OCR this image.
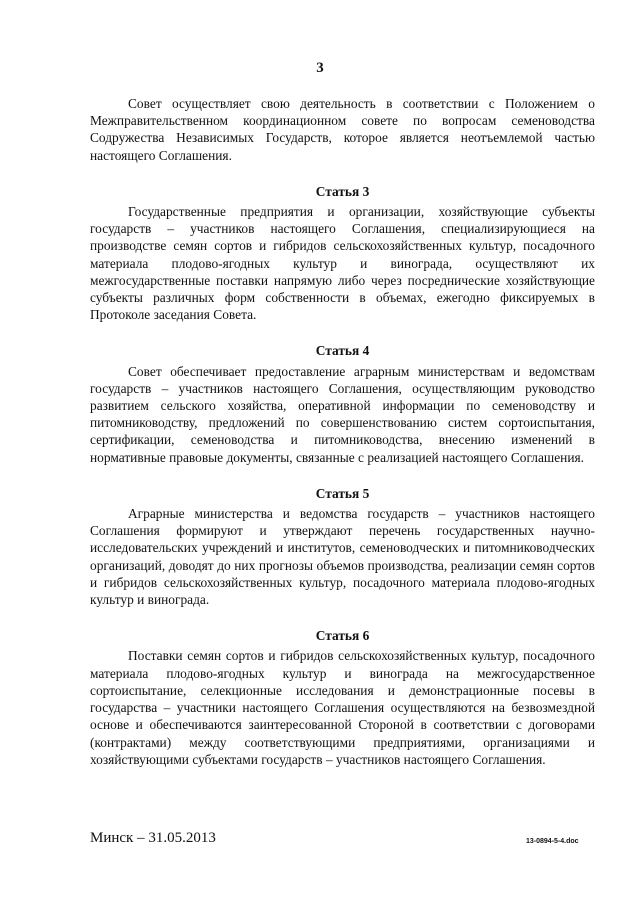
3

Совет осуществляет свою деятельность в соответствии с Положением о Межправительственном координационном совете по вопросам семеноводства Содружества Независимых Государств, которое является неотъемлемой частью настоящего Соглашения.

Статья 3

Государственные предприятия и организации, хозяйствующие субъекты государств – участников настоящего Соглашения, специализирующиеся на производстве семян сортов и гибридов сельскохозяйственных культур, посадочного материала плодово-ягодных культур и винограда, осуществляют их межгосударственные поставки напрямую либо через посреднические хозяйствующие субъекты различных форм собственности в объемах, ежегодно фиксируемых в Протоколе заседания Совета.

Статья 4

Совет обеспечивает предоставление аграрным министерствам и ведомствам государств – участников настоящего Соглашения, осуществляющим руководство развитием сельского хозяйства, оперативной информации по семеноводству и питомниководству, предложений по совершенствованию систем сортоиспытания, сертификации, семеноводства и питомниководства, внесению изменений в нормативные правовые документы, связанные с реализацией настоящего Соглашения.

Статья 5

Аграрные министерства и ведомства государств – участников настоящего Соглашения формируют и утверждают перечень государственных научно-исследовательских учреждений и институтов, семеноводческих и питомниководческих организаций, доводят до них прогнозы объемов производства, реализации семян сортов и гибридов сельскохозяйственных культур, посадочного материала плодово-ягодных культур и винограда.

Статья 6

Поставки семян сортов и гибридов сельскохозяйственных культур, посадочного материала плодово-ягодных культур и винограда на межгосударственное сортоиспытание, селекционные исследования и демонстрационные посевы в государства – участники настоящего Соглашения осуществляются на безвозмездной основе и обеспечиваются заинтересованной Стороной в соответствии с договорами (контрактами) между соответствующими предприятиями, организациями и хозяйствующими субъектами государств – участников настоящего Соглашения.

Минск – 31.05.2013	13-0894-5-4.doc
